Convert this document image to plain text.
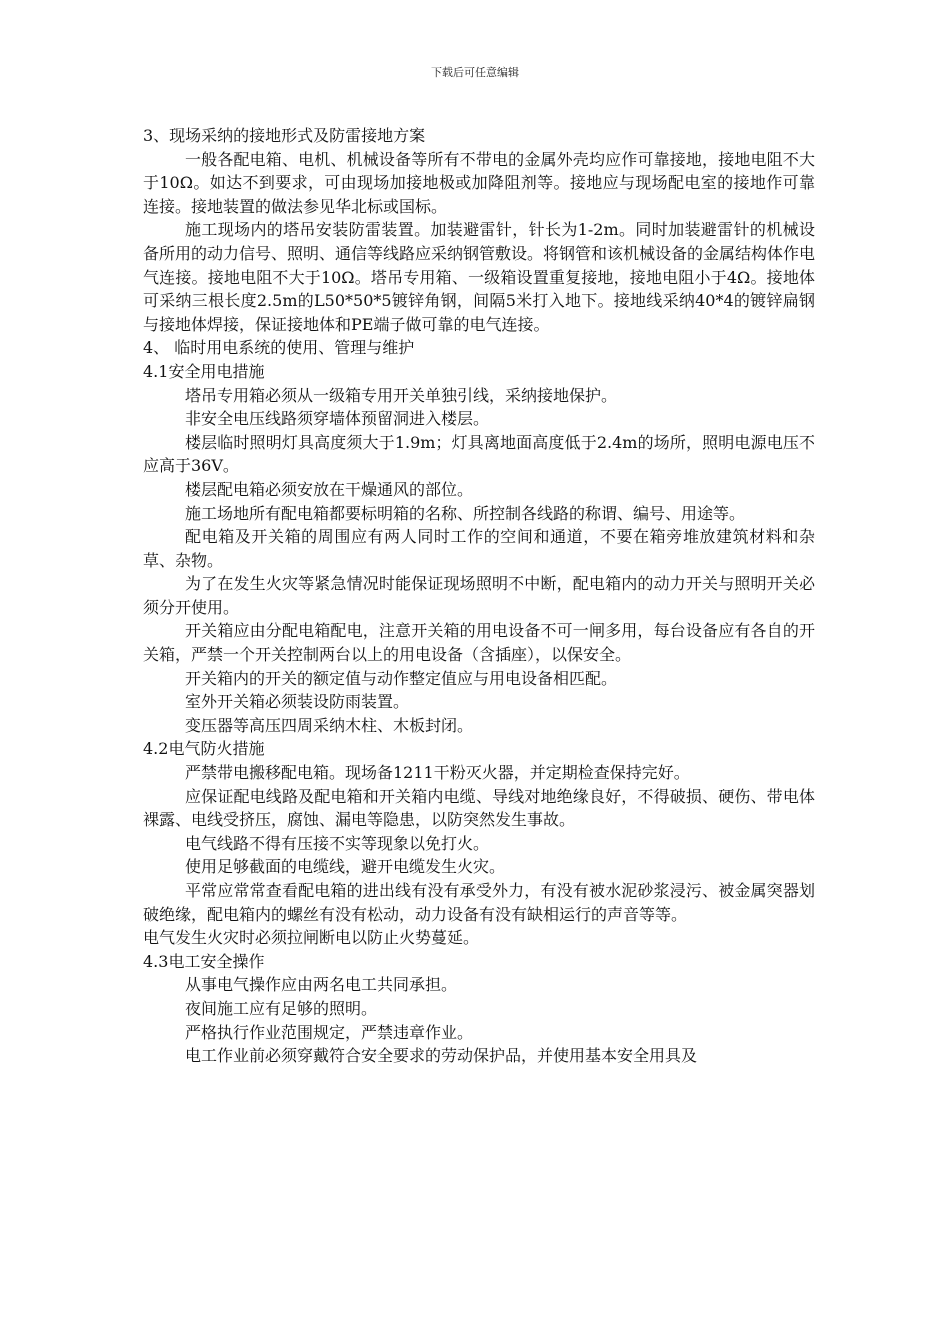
下载后可任意编辑

3、现场采纳的接地形式及防雷接地方案

一般各配电箱、电机、机械设备等所有不带电的金属外壳均应作可靠接地，接地电阻不大于10Ω。如达不到要求，可由现场加接地极或加降阻剂等。接地应与现场配电室的接地作可靠连接。接地装置的做法参见华北标或国标。

施工现场内的塔吊安装防雷装置。加装避雷针，针长为1-2m。同时加装避雷针的机械设备所用的动力信号、照明、通信等线路应采纳钢管敷设。将钢管和该机械设备的金属结构体作电气连接。接地电阻不大于10Ω。塔吊专用箱、一级箱设置重复接地，接地电阻小于4Ω。接地体可采纳三根长度2.5m的L50*50*5镀锌角钢，间隔5米打入地下。接地线采纳40*4的镀锌扁钢与接地体焊接，保证接地体和PE端子做可靠的电气连接。

4、 临时用电系统的使用、管理与维护

4.1安全用电措施

塔吊专用箱必须从一级箱专用开关单独引线，采纳接地保护。

非安全电压线路须穿墙体预留洞进入楼层。

楼层临时照明灯具高度须大于1.9m；灯具离地面高度低于2.4m的场所，照明电源电压不应高于36V。

楼层配电箱必须安放在干燥通风的部位。

施工场地所有配电箱都要标明箱的名称、所控制各线路的称谓、编号、用途等。

配电箱及开关箱的周围应有两人同时工作的空间和通道，不要在箱旁堆放建筑材料和杂草、杂物。

为了在发生火灾等紧急情况时能保证现场照明不中断，配电箱内的动力开关与照明开关必须分开使用。

开关箱应由分配电箱配电，注意开关箱的用电设备不可一闸多用，每台设备应有各自的开关箱，严禁一个开关控制两台以上的用电设备（含插座），以保安全。

开关箱内的开关的额定值与动作整定值应与用电设备相匹配。

室外开关箱必须装设防雨装置。

变压器等高压四周采纳木柱、木板封闭。

4.2电气防火措施

严禁带电搬移配电箱。现场备1211干粉灭火器，并定期检查保持完好。

应保证配电线路及配电箱和开关箱内电缆、导线对地绝缘良好，不得破损、硬伤、带电体裸露、电线受挤压，腐蚀、漏电等隐患，以防突然发生事故。

电气线路不得有压接不实等现象以免打火。

使用足够截面的电缆线，避开电缆发生火灾。

平常应常常查看配电箱的进出线有没有承受外力，有没有被水泥砂浆浸污、被金属突器划破绝缘，配电箱内的螺丝有没有松动，动力设备有没有缺相运行的声音等等。

电气发生火灾时必须拉闸断电以防止火势蔓延。

4.3电工安全操作

从事电气操作应由两名电工共同承担。

夜间施工应有足够的照明。

严格执行作业范围规定，严禁违章作业。

电工作业前必须穿戴符合安全要求的劳动保护品，并使用基本安全用具及
